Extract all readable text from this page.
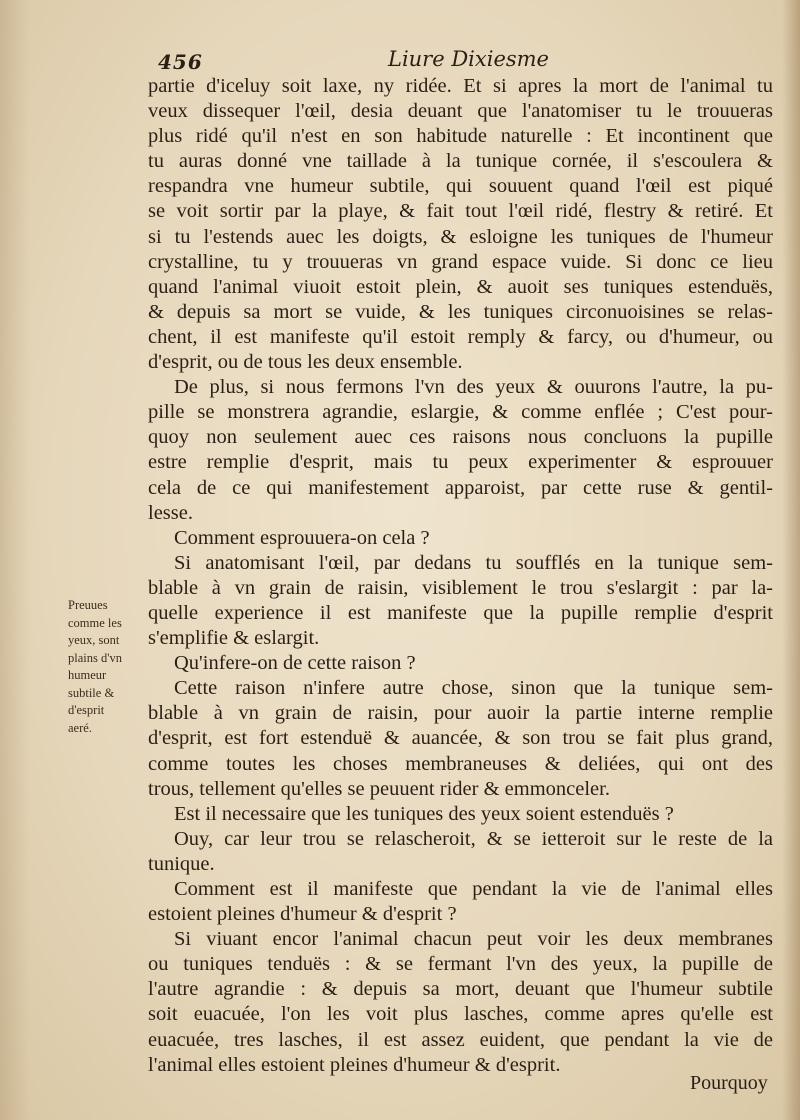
456	Liure Dixiesme
partie d'iceluy soit laxe, ny ridée. Et si apres la mort de l'animal tu
veux dissequer l'œil, desia deuant que l'anatomiser tu le trouueras
plus ridé qu'il n'est en son habitude naturelle : Et incontinent que
tu auras donné vne taillade à la tunique cornée, il s'escoulera &
respandra vne humeur subtile, qui souuent quand l'œil est piqué
se voit sortir par la playe, & fait tout l'œil ridé, flestry & retiré. Et
si tu l'estends auec les doigts, & esloigne les tuniques de l'humeur
crystalline, tu y trouueras vn grand espace vuide. Si donc ce lieu
quand l'animal viuoit estoit plein, & auoit ses tuniques estenduës,
& depuis sa mort se vuide, & les tuniques circonuoisines se relas-
chent, il est manifeste qu'il estoit remply & farcy, ou d'humeur, ou
d'esprit, ou de tous les deux ensemble.
De plus, si nous fermons l'vn des yeux & ouurons l'autre, la pu-
pille se monstrera agrandie, eslargie, & comme enflée ; C'est pour-
quoy non seulement auec ces raisons nous concluons la pupille
estre remplie d'esprit, mais tu peux experimenter & esprouuer
cela de ce qui manifestement apparoist, par cette ruse & gentil-
lesse.
Comment esprouuera-on cela ?
Si anatomisant l'œil, par dedans tu soufflés en la tunique sem-
blable à vn grain de raisin, visiblement le trou s'eslargit : par la-
quelle experience il est manifeste que la pupille remplie d'esprit
s'emplifie & eslargit.
Qu'infere-on de cette raison ?
Cette raison n'infere autre chose, sinon que la tunique sem-
blable à vn grain de raisin, pour auoir la partie interne remplie
d'esprit, est fort estenduë & auancée, & son trou se fait plus grand,
comme toutes les choses membraneuses & deliées, qui ont des
trous, tellement qu'elles se peuuent rider & emmonceler.
Est il necessaire que les tuniques des yeux soient estenduës ?
Ouy, car leur trou se relascheroit, & se ietteroit sur le reste de la
tunique.
Comment est il manifeste que pendant la vie de l'animal elles
estoient pleines d'humeur & d'esprit ?
Si viuant encor l'animal chacun peut voir les deux membranes
ou tuniques tenduës : & se fermant l'vn des yeux, la pupille de
l'autre agrandie : & depuis sa mort, deuant que l'humeur subtile
soit euacuée, l'on les voit plus lasches, comme apres qu'elle est
euacuée, tres lasches, il est assez euident, que pendant la vie de
l'animal elles estoient pleines d'humeur & d'esprit.
Preuues
comme les
yeux, sont
plains d'vn
humeur
subtile &
d'esprit
aeré.
Pourquoy
